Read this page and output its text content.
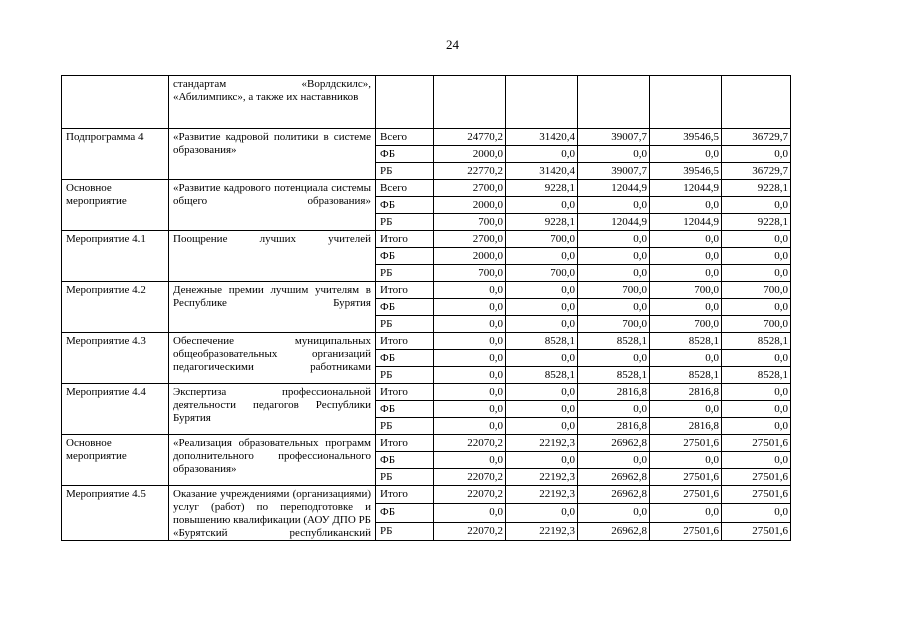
24
	стандартам «Ворлдскилс», «Абилимпикс», а также их наставников						
Подпрограмма 4	«Развитие кадровой политики в системе образования»	Всего	24770,2	31420,4	39007,7	39546,5	36729,7
		ФБ	2000,0	0,0	0,0	0,0	0,0
		РБ	22770,2	31420,4	39007,7	39546,5	36729,7
Основное мероприятие	«Развитие кадрового потенциала системы общего образования»	Всего	2700,0	9228,1	12044,9	12044,9	9228,1
		ФБ	2000,0	0,0	0,0	0,0	0,0
		РБ	700,0	9228,1	12044,9	12044,9	9228,1
Мероприятие 4.1	Поощрение лучших учителей	Итого	2700,0	700,0	0,0	0,0	0,0
		ФБ	2000,0	0,0	0,0	0,0	0,0
		РБ	700,0	700,0	0,0	0,0	0,0
Мероприятие 4.2	Денежные премии лучшим учителям в Республике Бурятия	Итого	0,0	0,0	700,0	700,0	700,0
		ФБ	0,0	0,0	0,0	0,0	0,0
		РБ	0,0	0,0	700,0	700,0	700,0
Мероприятие 4.3	Обеспечение муниципальных общеобразовательных организаций педагогическими работниками	Итого	0,0	8528,1	8528,1	8528,1	8528,1
		ФБ	0,0	0,0	0,0	0,0	0,0
		РБ	0,0	8528,1	8528,1	8528,1	8528,1
Мероприятие 4.4	Экспертиза профессиональной деятельности педагогов Республики Бурятия	Итого	0,0	0,0	2816,8	2816,8	0,0
		ФБ	0,0	0,0	0,0	0,0	0,0
		РБ	0,0	0,0	2816,8	2816,8	0,0
Основное мероприятие	«Реализация образовательных программ дополнительного профессионального образования»	Итого	22070,2	22192,3	26962,8	27501,6	27501,6
		ФБ	0,0	0,0	0,0	0,0	0,0
		РБ	22070,2	22192,3	26962,8	27501,6	27501,6
Мероприятие 4.5	Оказание учреждениями (организациями) услуг (работ) по переподготовке и повышению квалификации (АОУ ДПО РБ «Бурятский республиканский	Итого	22070,2	22192,3	26962,8	27501,6	27501,6
		ФБ	0,0	0,0	0,0	0,0	0,0
		РБ	22070,2	22192,3	26962,8	27501,6	27501,6
